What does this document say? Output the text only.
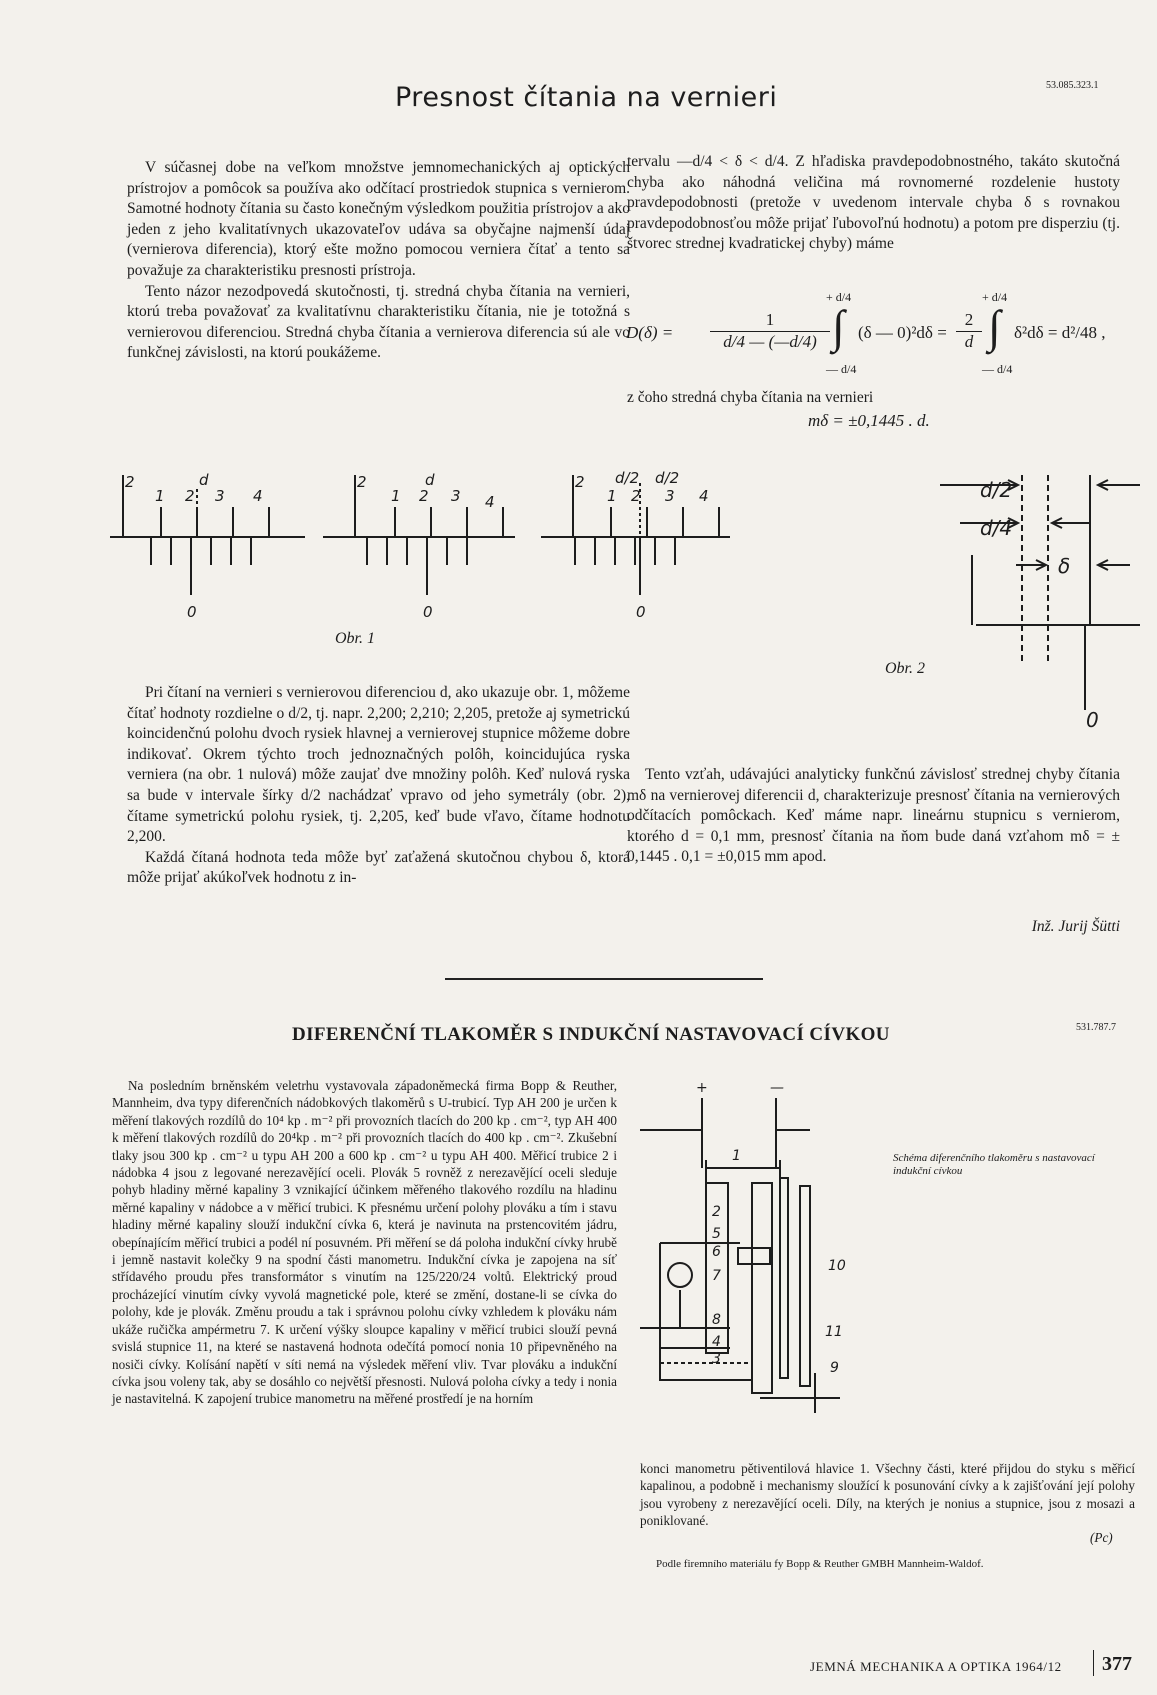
53.085.323.1
Presnost čítania na vernieri

V súčasnej dobe na veľkom množstve jemnomechanických aj optických prístrojov a pomôcok sa používa ako odčítací prostriedok stupnica s vernierom. Samotné hodnoty čítania su často konečným výsledkom použitia prístrojov a ako jeden z jeho kvalitatívnych ukazovateľov udáva sa obyčajne najmenší údaj (vernierova diferencia), ktorý ešte možno pomocou verniera čítať a tento sa považuje za charakteristiku presnosti prístroja.

Tento názor nezodpovedá skutočnosti, tj. stredná chyba čítania na vernieri, ktorú treba považovať za kvalitatívnu charakteristiku čítania, nie je totožná s vernierovou diferenciou. Stredná chyba čítania a vernierova diferencia sú ale vo funkčnej závislosti, na ktorú poukážeme.

tervalu —d/4 < δ < d/4. Z hľadiska pravdepodobnostného, takáto skutočná chyba ako náhodná veličina má rovnomerné rozdelenie hustoty pravdepodobnosti (pretože v uvedenom intervale chyba δ s rovnakou pravdepodobnosťou môže prijať ľubovoľnú hodnotu) a potom pre disperziu (tj. štvorec strednej kvadratickej chyby) máme

D(δ) =
1
d/4 — (—d/4)
+ d/4
∫
— d/4
(δ — 0)²dδ =
2
d
+ d/4
∫
— d/4
δ²dδ = d²/48 ,
z čoho stredná chyba čítania na vernieri
mδ = ±0,1445 . d.
2
1 2 3 4
d	2
1 2 3 4
d	2
1 2 3 4
d/2 d/2
0	0	0
Obr. 1
d/2
d/4
δ
0
Obr. 2

Pri čítaní na vernieri s vernierovou diferenciou d, ako ukazuje obr. 1, môžeme čítať hodnoty rozdielne o d/2, tj. napr. 2,200; 2,210; 2,205, pretože aj symetrickú koincidenčnú polohu dvoch rysiek hlavnej a vernierovej stupnice môžeme dobre indikovať. Okrem týchto troch jednoznačných polôh, koincidujúca ryska verniera (na obr. 1 nulová) môže zaujať dve množiny polôh. Keď nulová ryska sa bude v intervale šírky d/2 nachádzať vpravo od jeho symetrály (obr. 2), čítame symetrickú polohu rysiek, tj. 2,205, keď bude vľavo, čítame hodnotu 2,200.

Každá čítaná hodnota teda môže byť zaťažená skutočnou chybou δ, ktorá môže prijať akúkoľvek hodnotu z in-

Tento vzťah, udávajúci analyticky funkčnú závislosť strednej chyby čítania mδ na vernierovej diferencii d, charakterizuje presnosť čítania na vernierových odčítacích pomôckach. Keď máme napr. lineárnu stupnicu s vernierom, ktorého d = 0,1 mm, presnosť čítania na ňom bude daná vzťahom mδ = ± 0,1445 . 0,1 = ±0,015 mm apod.

Inž. Jurij Šütti
DIFERENČNÍ TLAKOMĚR S INDUKČNÍ NASTAVOVACÍ CÍVKOU	531.787.7

Na posledním brněnském veletrhu vystavovala západoněmecká firma Bopp & Reuther, Mannheim, dva typy diferenčních nádobkových tlakoměrů s U-trubicí. Typ AH 200 je určen k měření tlakových rozdílů do 10⁴ kp . m⁻² při provozních tlacích do 200 kp . cm⁻², typ AH 400 k měření tlakových rozdílů do 20⁴kp . m⁻² při provozních tlacích do 400 kp . cm⁻². Zkušební tlaky jsou 300 kp . cm⁻² u typu AH 200 a 600 kp . cm⁻² u typu AH 400. Měřicí trubice 2 i nádobka 4 jsou z legované nerezavějící oceli. Plovák 5 rovněž z nerezavějící oceli sleduje pohyb hladiny měrné kapaliny 3 vznikající účinkem měřeného tlakového rozdílu na hladinu měrné kapaliny v nádobce a v měřicí trubici. K přesnému určení polohy plováku a tím i stavu hladiny měrné kapaliny slouží indukční cívka 6, která je navinuta na prstencovitém jádru, obepínajícím měřicí trubici a podél ní posuvném. Při měření se dá poloha indukční cívky hrubě i jemně nastavit kolečky 9 na spodní části manometru. Indukční cívka je zapojena na síť střídavého proudu přes transformátor s vinutím na 125/220/24 voltů. Elektrický proud procházející vinutím cívky vyvolá magnetické pole, které se změní, dostane-li se cívka do polohy, kde je plovák. Změnu proudu a tak i správnou polohu cívky vzhledem k plováku nám ukáže ručička ampérmetru 7. K určení výšky sloupce kapaliny v měřicí trubici slouží pevná svislá stupnice 11, na které se nastavená hodnota odečítá pomocí nonia 10 připevněného na nosiči cívky. Kolísání napětí v síti nemá na výsledek měření vliv. Tvar plováku a indukční cívka jsou voleny tak, aby se dosáhlo co největší přesnosti. Nulová poloha cívky a tedy i nonia je nastavitelná. K zapojení trubice manometru na měřené prostředí je na horním

+	—
1
2
5
6
7
8
4
3
10
11
9
Schéma diferenčního tlakoměru s nastavovací indukční cívkou

konci manometru pětiventilová hlavice 1. Všechny části, které přijdou do styku s měřicí kapalinou, a podobně i mechanismy sloužící k posunování cívky a k zajišťování její polohy jsou vyrobeny z nerezavějící oceli. Díly, na kterých je nonius a stupnice, jsou z mosazi a poniklované.

(Pc)
Podle firemního materiálu fy Bopp & Reuther GMBH Mannheim-Waldof.
JEMNÁ MECHANIKA A OPTIKA 1964/12 377
